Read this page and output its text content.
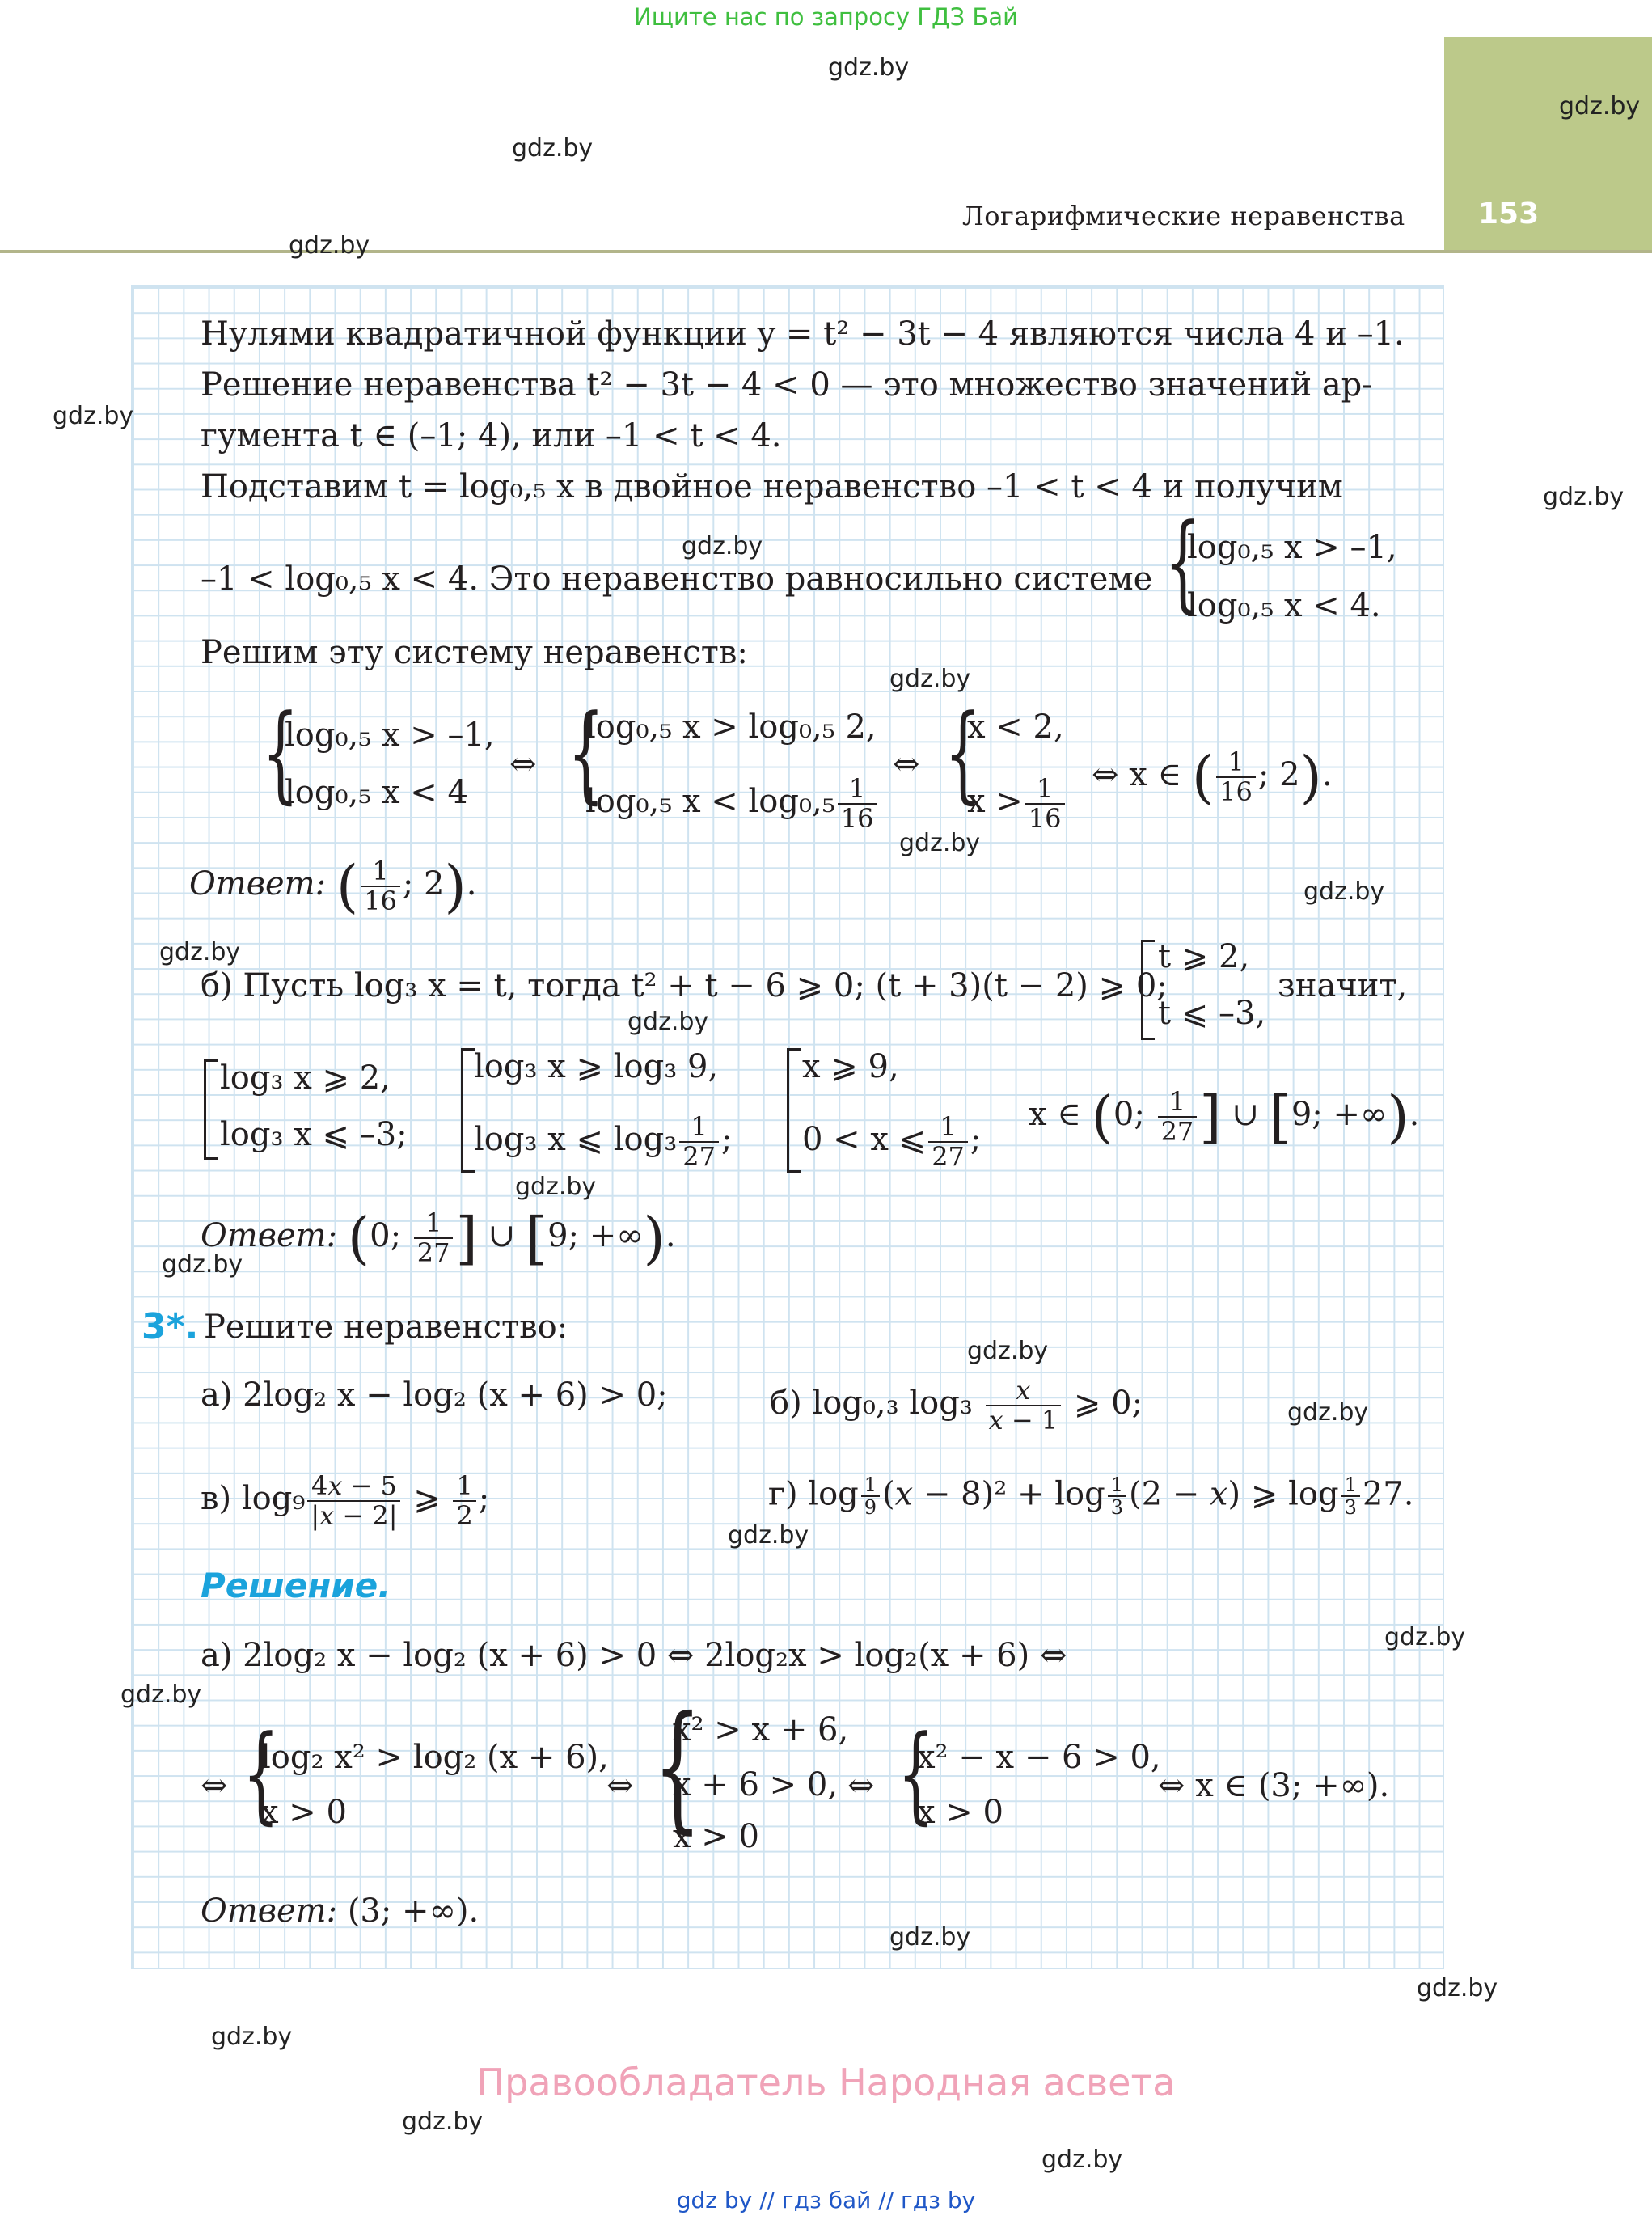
Ищите нас по запросу ГДЗ Бай
153
Логарифмические неравенства
gdz.by
gdz.by
gdz.by
gdz.by
gdz.by
gdz.by
gdz.by
gdz.by
gdz.by
gdz.by
gdz.by
gdz.by
gdz.by
gdz.by
gdz.by
gdz.by
gdz.by
gdz.by
gdz.by
gdz.by
gdz.by
gdz.by
gdz.by
gdz.by
Нулями квадратичной функции y = t² − 3t − 4 являются числа 4 и –1.
Решение неравенства t² − 3t − 4 < 0 — это множество значений ар-
гумента t ∈ (–1; 4), или –1 < t < 4.
Подставим t = log₀,₅ x в двойное неравенство –1 < t < 4 и получим
–1 < log₀,₅ x < 4. Это неравенство равносильно системе {
log₀,₅ x > –1,
log₀,₅ x < 4.
Решим эту систему неравенств:
{
log₀,₅ x > –1,
log₀,₅ x < 4
⇔ {
log₀,₅ x > log₀,₅ 2,
log₀,₅ $x < \log_0,_5 \frac{1}{16}$
⇔ {
x < 2,
$x > \frac{1}{16}$ ⇔ x ∈ ( $\frac{1}{16}$ ; 2).
Ответ: ( $\frac{1}{16}$ ; 2).
б) Пусть log₃ x = t, тогда t² + t − 6 ⩾ 0; (t + 3)(t − 2) ⩾ 0;
t ⩾ 2,
t ⩽ –3,
значит,
log₃ x ⩾ 2,
log₃ x ⩽ –3;
log₃ x ⩾ log₃ 9,
log₃ x ⩽ $\log_3 \frac{1}{27}$ ;
x ⩾ 9,
0 < x ⩽ $\frac{1}{27}$ ;
x ∈ (0; $\frac{1}{27}$ ] ∪ [9; +∞).
Ответ: (0; $\frac{1}{27}$ ] ∪ [9; +∞).
3*. Решите неравенство:
а) 2log₂ x − log₂ (x + 6) > 0;	б) log₀,₃ $\log_3 \frac{x}{x - 1}$ ⩾ 0;
в) $\log_9 \frac{4x - 5}{|x - 2|}$ ⩾ $\frac{1}{2}$ ;	г) $\log \frac{1}{9} (x - 8)^2 + \log \frac{1}{3} (2 - x)$ ⩾ $\log \frac{1}{3} 27$.
Решение.
а) 2log₂ x − log₂ (x + 6) > 0 ⇔ 2log₂x > log₂(x + 6) ⇔
⇔ {
log₂ x² > log₂ (x + 6),
x > 0
⇔ {
x² > x + 6,
x + 6 > 0,
x > 0
⇔ {
x² − x − 6 > 0,
x > 0
⇔ x ∈ (3; +∞).
Ответ: (3; +∞).
Правообладатель Народная асвета
gdz by // гдз бай // гдз by
